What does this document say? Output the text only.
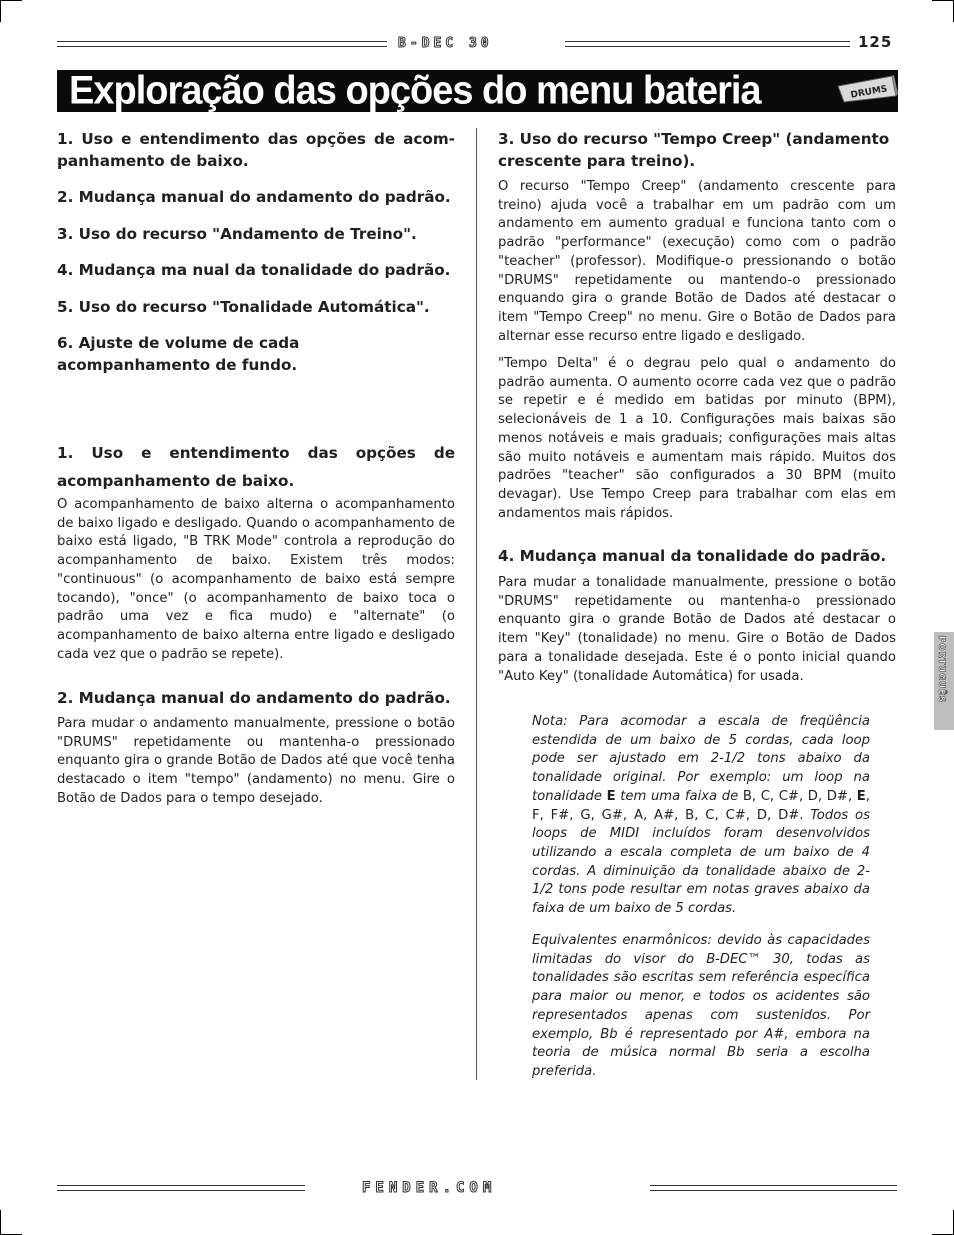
B-DEC 30	125
Exploração das opções do menu bateria	DRUMS

1. Uso e entendimento das opções de acom-panhamento de baixo.

2. Mudança manual do andamento do padrão.

3. Uso do recurso "Andamento de Treino".

4. Mudança ma nual da tonalidade do padrão.

5. Uso do recurso "Tonalidade Automática".

6. Ajuste de volume de cada acompanhamento de fundo.

1. Uso e entendimento das opções de acompanhamento de baixo.

O acompanhamento de baixo alterna o acompanhamento de baixo ligado e desligado. Quando o acompanhamento de baixo está ligado, "B TRK Mode" controla a reprodução do acompanhamento de baixo. Existem três modos: "continuous" (o acompanhamento de baixo está sempre tocando), "once" (o acompanhamento de baixo toca o padrão uma vez e fica mudo) e "alternate" (o acompanhamento de baixo alterna entre ligado e desligado cada vez que o padrão se repete).

2. Mudança manual do andamento do padrão.

Para mudar o andamento manualmente, pressione o botão "DRUMS" repetidamente ou mantenha-o pressionado enquanto gira o grande Botão de Dados até que você tenha destacado o item "tempo" (andamento) no menu. Gire o Botão de Dados para o tempo desejado.

3. Uso do recurso "Tempo Creep" (andamento crescente para treino).

O recurso "Tempo Creep" (andamento crescente para treino) ajuda você a trabalhar em um padrão com um andamento em aumento gradual e funciona tanto com o padrão "performance" (execução) como com o padrão "teacher" (professor). Modifique-o pressionando o botão "DRUMS" repetidamente ou mantendo-o pressionado enquando gira o grande Botão de Dados até destacar o item "Tempo Creep" no menu. Gire o Botão de Dados para alternar esse recurso entre ligado e desligado.

"Tempo Delta" é o degrau pelo qual o andamento do padrão aumenta. O aumento ocorre cada vez que o padrão se repetir e é medido em batidas por minuto (BPM), selecionáveis de 1 a 10. Configurações mais baixas são menos notáveis e mais graduais; configurações mais altas são muito notáveis e aumentam mais rápido. Muitos dos padrões "teacher" são configurados a 30 BPM (muito devagar). Use Tempo Creep para trabalhar com elas em andamentos mais rápidos.

4. Mudança manual da tonalidade do padrão.

Para mudar a tonalidade manualmente, pressione o botão "DRUMS" repetidamente ou mantenha-o pressionado enquanto gira o grande Botão de Dados até destacar o item "Key" (tonalidade) no menu. Gire o Botão de Dados para a tonalidade desejada. Este é o ponto inicial quando "Auto Key" (tonalidade Automática) for usada.

Nota: Para acomodar a escala de freqüência estendida de um baixo de 5 cordas, cada loop pode ser ajustado em 2-1/2 tons abaixo da tonalidade original. Por exemplo: um loop na tonalidade E tem uma faixa de B, C, C#, D, D#, E, F, F#, G, G#, A, A#, B, C, C#, D, D#. Todos os loops de MIDI incluídos foram desenvolvidos utilizando a escala completa de um baixo de 4 cordas. A diminuição da tonalidade abaixo de 2-1/2 tons pode resultar em notas graves abaixo da faixa de um baixo de 5 cordas.

Equivalentes enarmônicos: devido às capacidades limitadas do visor do B-DEC™ 30, todas as tonalidades são escritas sem referência específica para maior ou menor, e todos os acidentes são representados apenas com sustenidos. Por exemplo, Bb é representado por A#, embora na teoria de música normal Bb seria a escolha preferida.

PORTUGUÊS
FENDER.COM
